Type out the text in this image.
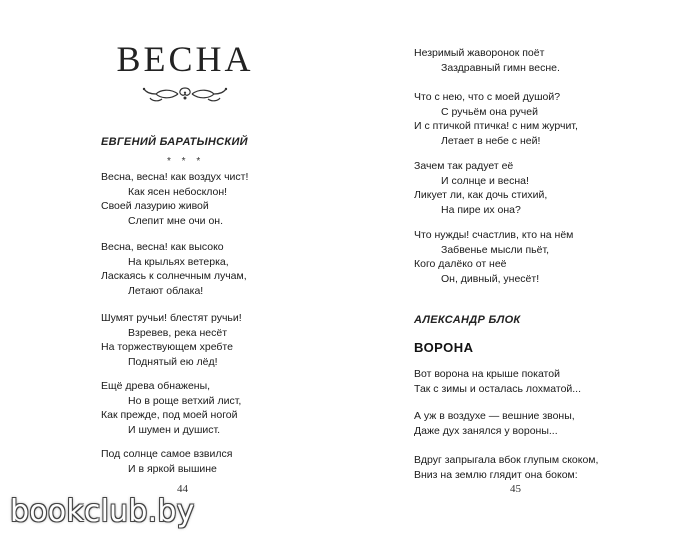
ВЕСНА
ЕВГЕНИЙ БАРАТЫНСКИЙ
* * *
Весна, весна! как воздух чист!
Как ясен небосклон!
Своей лазурию живой
Слепит мне очи он.
Весна, весна! как высоко
На крыльях ветерка,
Ласкаясь к солнечным лучам,
Летают облака!
Шумят ручьи! блестят ручьи!
Взревев, река несёт
На торжествующем хребте
Поднятый ею лёд!
Ещё древа обнажены,
Но в роще ветхий лист,
Как прежде, под моей ногой
И шумен и душист.
Под солнце самое взвился
И в яркой вышине
44
Незримый жаворонок поёт
Заздравный гимн весне.
Что с нею, что с моей душой?
С ручьём она ручей
И с птичкой птичка! с ним журчит,
Летает в небе с ней!
Зачем так радует её
И солнце и весна!
Ликует ли, как дочь стихий,
На пире их она?
Что нужды! счастлив, кто на нём
Забвенье мысли пьёт,
Кого далёко от неё
Он, дивный, унесёт!
АЛЕКСАНДР БЛОК
ВОРОНА
Вот ворона на крыше покатой
Так с зимы и осталась лохматой...
А уж в воздухе — вешние звоны,
Даже дух занялся у вороны...
Вдруг запрыгала вбок глупым скоком,
Вниз на землю глядит она боком:
45
bookclub.by
